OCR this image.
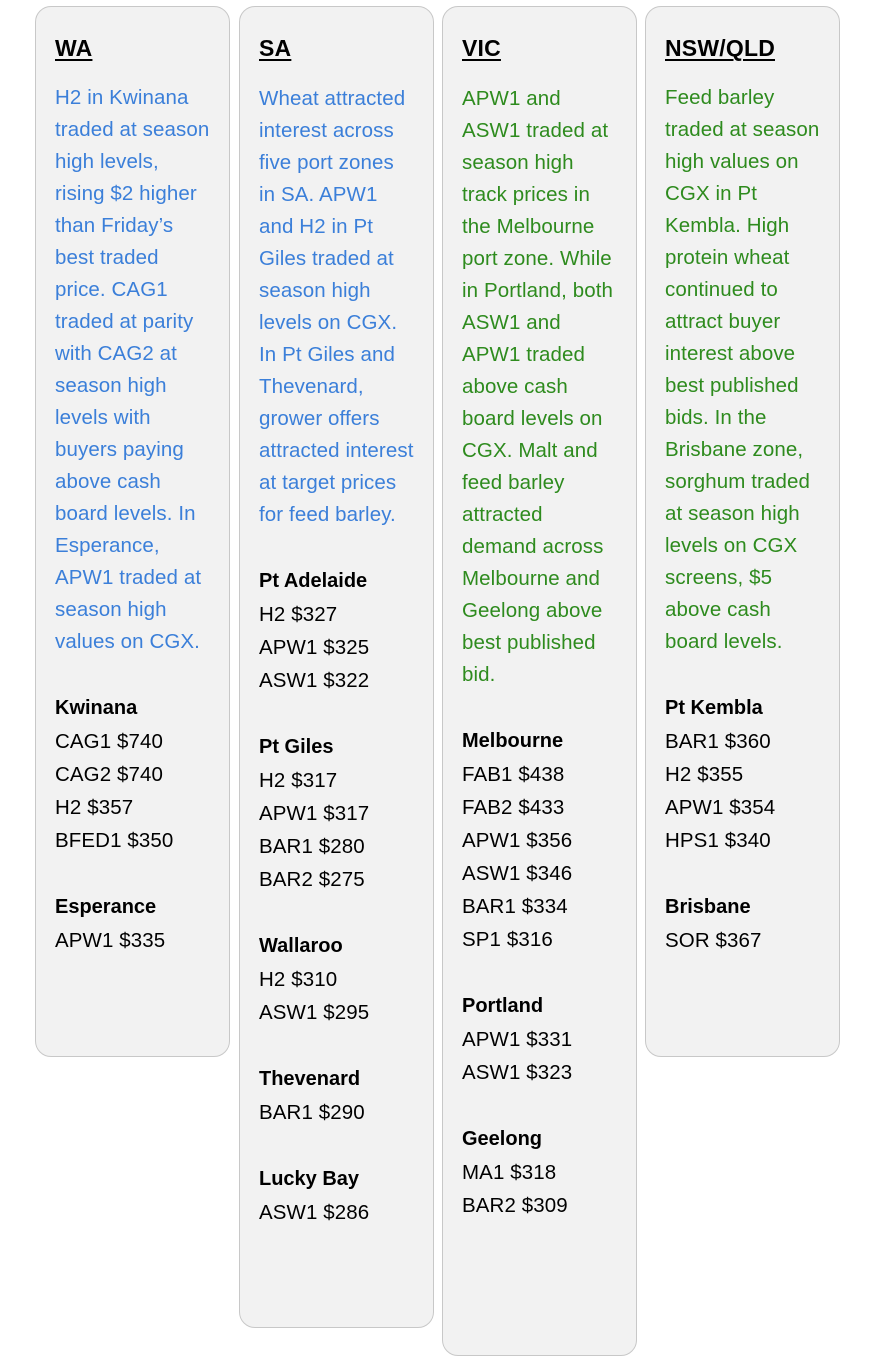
WA

H2 in Kwinana traded at season high levels, rising $2 higher than Friday’s best traded price. CAG1 traded at parity with CAG2 at season high levels with buyers paying above cash board levels. In Esperance, APW1 traded at season high values on CGX.

Kwinana

CAG1 $740

CAG2 $740

H2 $357

BFED1 $350

Esperance

APW1 $335

SA

Wheat attracted interest across five port zones in SA. APW1 and H2 in Pt Giles traded at season high levels on CGX. In Pt Giles and Thevenard, grower offers attracted interest at target prices for feed barley.

Pt Adelaide

H2 $327

APW1 $325

ASW1 $322

Pt Giles

H2 $317

APW1 $317

BAR1 $280

BAR2 $275

Wallaroo

H2 $310

ASW1 $295

Thevenard

BAR1 $290

Lucky Bay

ASW1 $286

VIC

APW1 and ASW1 traded at season high track prices in the Melbourne port zone. While in Portland, both ASW1 and APW1 traded above cash board levels on CGX. Malt and feed barley attracted demand across Melbourne and Geelong above best published bid.

Melbourne

FAB1 $438

FAB2 $433

APW1 $356

ASW1 $346

BAR1 $334

SP1 $316

Portland

APW1 $331

ASW1 $323

Geelong

MA1 $318

BAR2 $309

NSW/QLD

Feed barley traded at season high values on CGX in Pt Kembla. High protein wheat continued to attract buyer interest above best published bids. In the Brisbane zone, sorghum traded at season high levels on CGX screens, $5 above cash board levels.

Pt Kembla

BAR1 $360

H2 $355

APW1 $354

HPS1 $340

Brisbane

SOR $367
